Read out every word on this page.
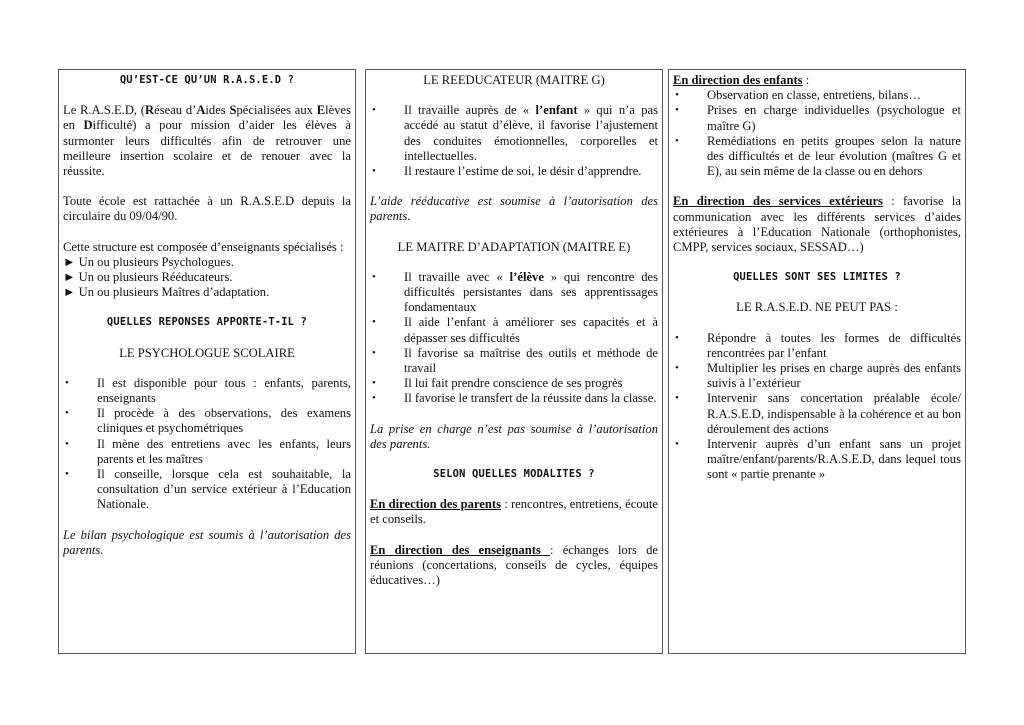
QU’EST-CE QU’UN R.A.S.E.D ?

Le R.A.S.E.D, (Réseau d’Aides Spécialisées aux Elèves en Difficulté) a pour mission d’aider les élèves à surmonter leurs difficultés afin de retrouver une meilleure insertion scolaire et de renouer avec la réussite.

Toute école est rattachée à un R.A.S.E.D depuis la circulaire du 09/04/90.

Cette structure est composée d’enseignants spécialisés :

► Un ou plusieurs Psychologues.
► Un ou plusieurs Rééducateurs.
► Un ou plusieurs Maîtres d’adaptation.
QUELLES REPONSES APPORTE-T-IL ?
LE PSYCHOLOGUE SCOLAIRE
• Il est disponible pour tous : enfants, parents, enseignants
• Il procède à des observations, des examens cliniques et psychométriques
• Il mène des entretiens avec les enfants, leurs parents et les maîtres
• Il conseille, lorsque cela est souhaitable, la consultation d’un service extérieur à l’Education Nationale.

Le bilan psychologique est soumis à l’autorisation des parents.

LE REEDUCATEUR (MAITRE G)
• Il travaille auprès de « l’enfant » qui n’a pas accédé au statut d’élève, il favorise l’ajustement des conduites émotionnelles, corporelles et intellectuelles.
• Il restaure l’estime de soi, le désir d’apprendre.

L’aide rééducative est soumise à l’autorisation des parents.

LE MAITRE D’ADAPTATION (MAITRE E)
• Il travaille avec « l’élève » qui rencontre des difficultés persistantes dans ses apprentissages fondamentaux
• Il aide l’enfant à améliorer ses capacités et à dépasser ses difficultés
• Il favorise sa maîtrise des outils et méthode de travail
• Il lui fait prendre conscience de ses progrès
• Il favorise le transfert de la réussite dans la classe.

La prise en charge n’est pas soumise à l’autorisation des parents.

SELON QUELLES MODALITES ?

En direction des parents : rencontres, entretiens, écoute et conseils.

En direction des enseignants : échanges lors de réunions (concertations, conseils de cycles, équipes éducatives…)

En direction des enfants :

• Observation en classe, entretiens, bilans…
• Prises en charge individuelles (psychologue et maître G)
• Remédiations en petits groupes selon la nature des difficultés et de leur évolution (maîtres G et E), au sein même de la classe ou en dehors

En direction des services extérieurs : favorise la communication avec les différents services d’aides extérieures à l’Education Nationale (orthophonistes, CMPP, services sociaux, SESSAD…)

QUELLES SONT SES LIMITES ?
LE R.A.S.E.D. NE PEUT PAS :
• Répondre à toutes les formes de difficultés rencontrées par l’enfant
• Multiplier les prises en charge auprès des enfants suivis à l’extérieur
• Intervenir sans concertation préalable école/ R.A.S.E.D, indispensable à la cohérence et au bon déroulement des actions
• Intervenir auprès d’un enfant sans un projet maître/enfant/parents/R.A.S.E.D, dans lequel tous sont « partie prenante »
